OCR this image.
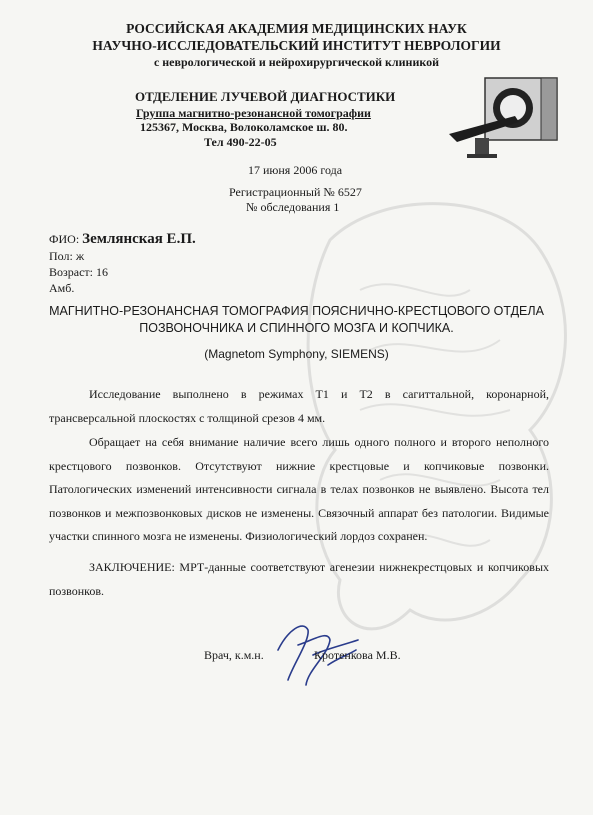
РОССИЙСКАЯ АКАДЕМИЯ МЕДИЦИНСКИХ НАУК
НАУЧНО-ИССЛЕДОВАТЕЛЬСКИЙ ИНСТИТУТ НЕВРОЛОГИИ
с неврологической и нейрохирургической клиникой
ОТДЕЛЕНИЕ ЛУЧЕВОЙ ДИАГНОСТИКИ
Группа магнитно-резонансной томографии
125367, Москва, Волоколамское ш. 80.
Тел 490-22-05
17 июня 2006 года
Регистрационный № 6527
№ обследования 1
ФИО: Землянская Е.П.
Пол: ж
Возраст: 16
Амб.
МАГНИТНО-РЕЗОНАНСНАЯ ТОМОГРАФИЯ ПОЯСНИЧНО-КРЕСТЦОВОГО ОТДЕЛА
ПОЗВОНОЧНИКА И СПИННОГО МОЗГА И КОПЧИКА.
(Magnetom Symphony, SIEMENS)
Исследование выполнено в режимах Т1 и Т2 в сагиттальной, коронарной, трансверсальной плоскостях с толщиной срезов 4 мм.
Обращает на себя внимание наличие всего лишь одного полного и второго неполного крестцового позвонков. Отсутствуют нижние крестцовые и копчиковые позвонки. Патологических изменений интенсивности сигнала в телах позвонков не выявлено. Высота тел позвонков и межпозвонковых дисков не изменены. Связочный аппарат без патологии. Видимые участки спинного мозга не изменены. Физиологический лордоз сохранен.
ЗАКЛЮЧЕНИЕ: МРТ-данные соответствуют агенезии нижнекрестцовых и копчиковых позвонков.
Врач, к.м.н.	Кротенкова М.В.
